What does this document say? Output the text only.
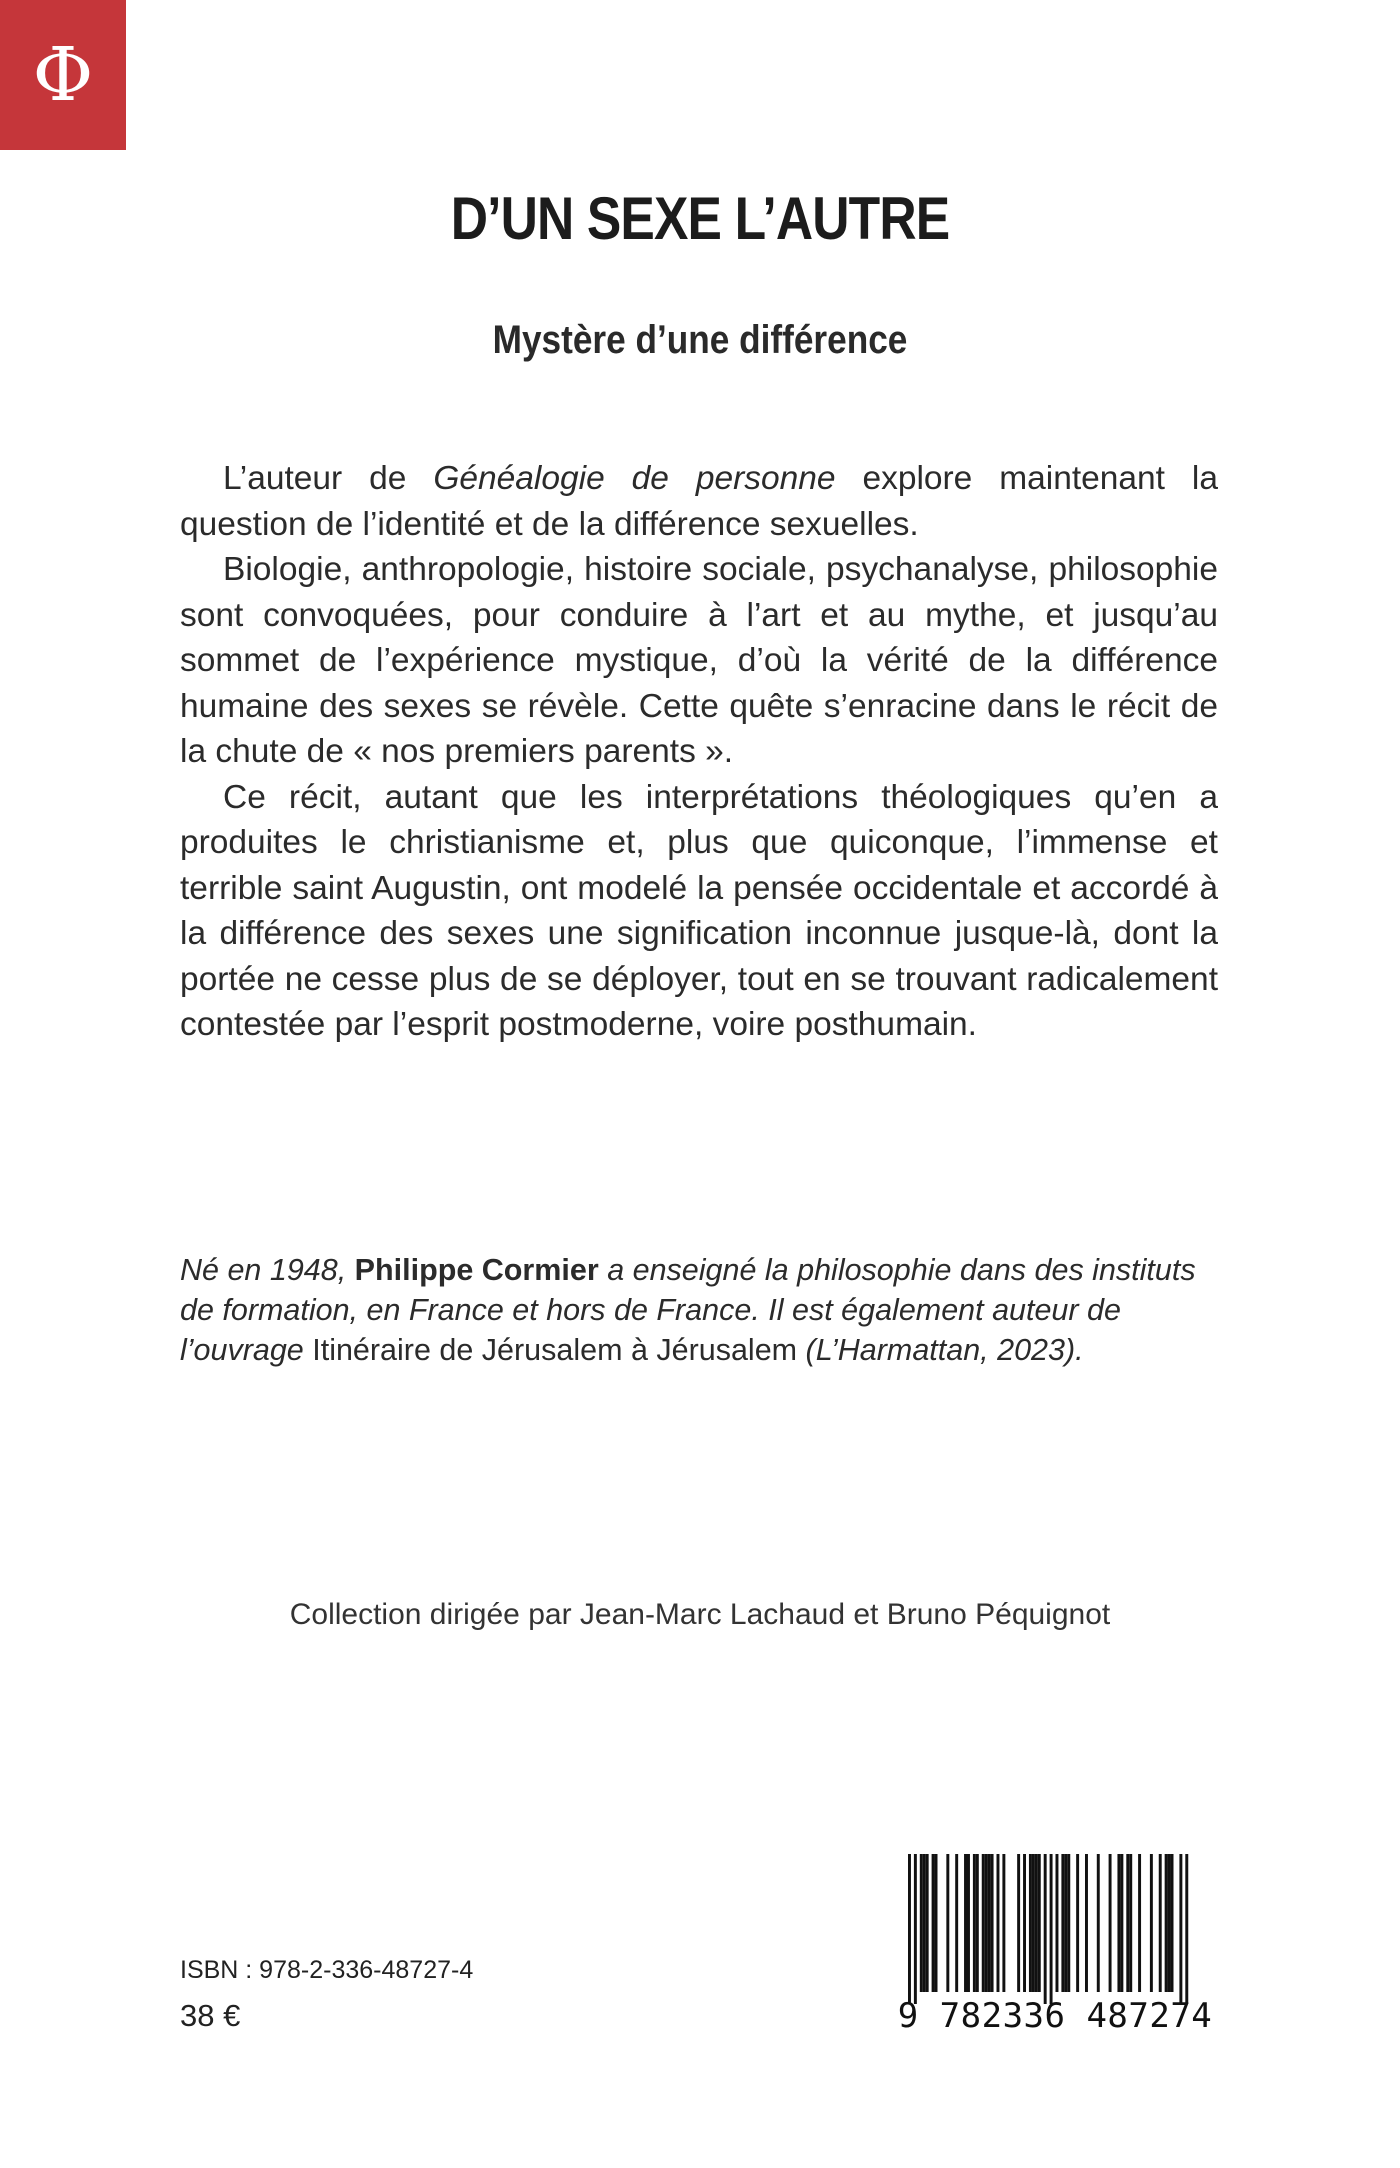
Φ
D’UN SEXE L’AUTRE
Mystère d’une différence

L’auteur de Généalogie de personne explore maintenant la question de l’identité et de la différence sexuelles.

Biologie, anthropologie, histoire sociale, psychanalyse, philosophie sont convoquées, pour conduire à l’art et au mythe, et jusqu’au sommet de l’expérience mystique, d’où la vérité de la différence humaine des sexes se révèle. Cette quête s’enracine dans le récit de la chute de « nos premiers parents ».

Ce récit, autant que les interprétations théologiques qu’en a produites le christianisme et, plus que quiconque, l’immense et terrible saint Augustin, ont modelé la pensée occidentale et accordé à la différence des sexes une signification inconnue jusque-là, dont la portée ne cesse plus de se déployer, tout en se trouvant radicalement contestée par l’esprit postmoderne, voire posthumain.

Né en 1948, Philippe Cormier a enseigné la philosophie dans des instituts de formation, en France et hors de France. Il est également auteur de l’ouvrage Itinéraire de Jérusalem à Jérusalem (L’Harmattan, 2023).
Collection dirigée par Jean-Marc Lachaud et Bruno Péquignot
ISBN : 978-2-336-48727-4
38 €	9 782336 487274
